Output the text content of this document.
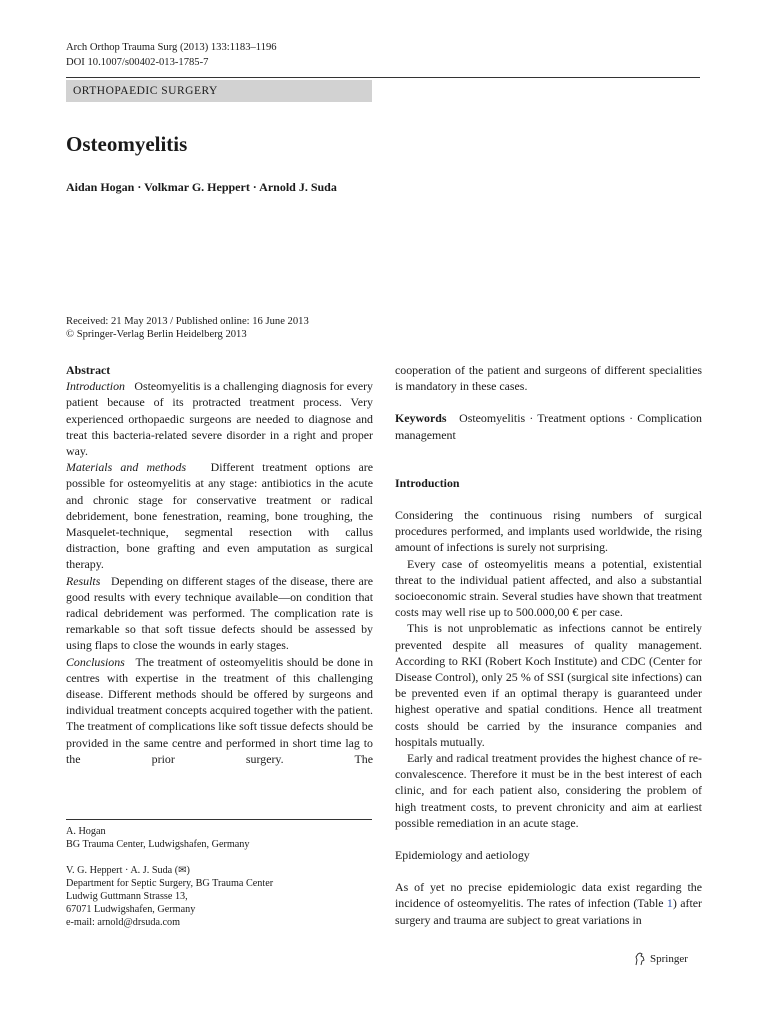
Arch Orthop Trauma Surg (2013) 133:1183–1196
DOI 10.1007/s00402-013-1785-7
ORTHOPAEDIC SURGERY
Osteomyelitis
Aidan Hogan · Volkmar G. Heppert · Arnold J. Suda
Received: 21 May 2013 / Published online: 16 June 2013
© Springer-Verlag Berlin Heidelberg 2013

Abstract

Introduction Osteomyelitis is a challenging diagnosis for every patient because of its protracted treatment process. Very experienced orthopaedic surgeons are needed to diagnose and treat this bacteria-related severe disorder in a right and proper way.

Materials and methods Different treatment options are possible for osteomyelitis at any stage: antibiotics in the acute and chronic stage for conservative treatment or radical debridement, bone fenestration, reaming, bone troughing, the Masquelet-technique, segmental resection with callus distraction, bone grafting and even amputation as surgical therapy.

Results Depending on different stages of the disease, there are good results with every technique available—on condition that radical debridement was performed. The complication rate is remarkable so that soft tissue defects should be assessed by using flaps to close the wounds in early stages.

Conclusions The treatment of osteomyelitis should be done in centres with expertise in the treatment of this challenging disease. Different methods should be offered by surgeons and individual treatment concepts acquired together with the patient. The treatment of complications like soft tissue defects should be provided in the same centre and performed in short time lag to the prior surgery. The

A. Hogan
BG Trauma Center, Ludwigshafen, Germany
V. G. Heppert · A. J. Suda (✉)
Department for Septic Surgery, BG Trauma Center
Ludwig Guttmann Strasse 13,
67071 Ludwigshafen, Germany
e-mail: arnold@drsuda.com

cooperation of the patient and surgeons of different specialities is mandatory in these cases.

Keywords Osteomyelitis · Treatment options · Complication management

Introduction

Considering the continuous rising numbers of surgical procedures performed, and implants used worldwide, the rising amount of infections is surely not surprising.

Every case of osteomyelitis means a potential, existential threat to the individual patient affected, and also a substantial socioeconomic strain. Several studies have shown that treatment costs may well rise up to 500.000,00 € per case.

This is not unproblematic as infections cannot be entirely prevented despite all measures of quality management. According to RKI (Robert Koch Institute) and CDC (Center for Disease Control), only 25 % of SSI (surgical site infections) can be prevented even if an optimal therapy is guaranteed under highest operative and spatial conditions. Hence all treatment costs should be carried by the insurance companies and hospitals mutually.

Early and radical treatment provides the highest chance of re-convalescence. Therefore it must be in the best interest of each clinic, and for each patient also, considering the problem of high treatment costs, to prevent chronicity and aim at earliest possible remediation in an acute stage.

Epidemiology and aetiology

As of yet no precise epidemiologic data exist regarding the incidence of osteomyelitis. The rates of infection (Table 1) after surgery and trauma are subject to great variations in

Springer
